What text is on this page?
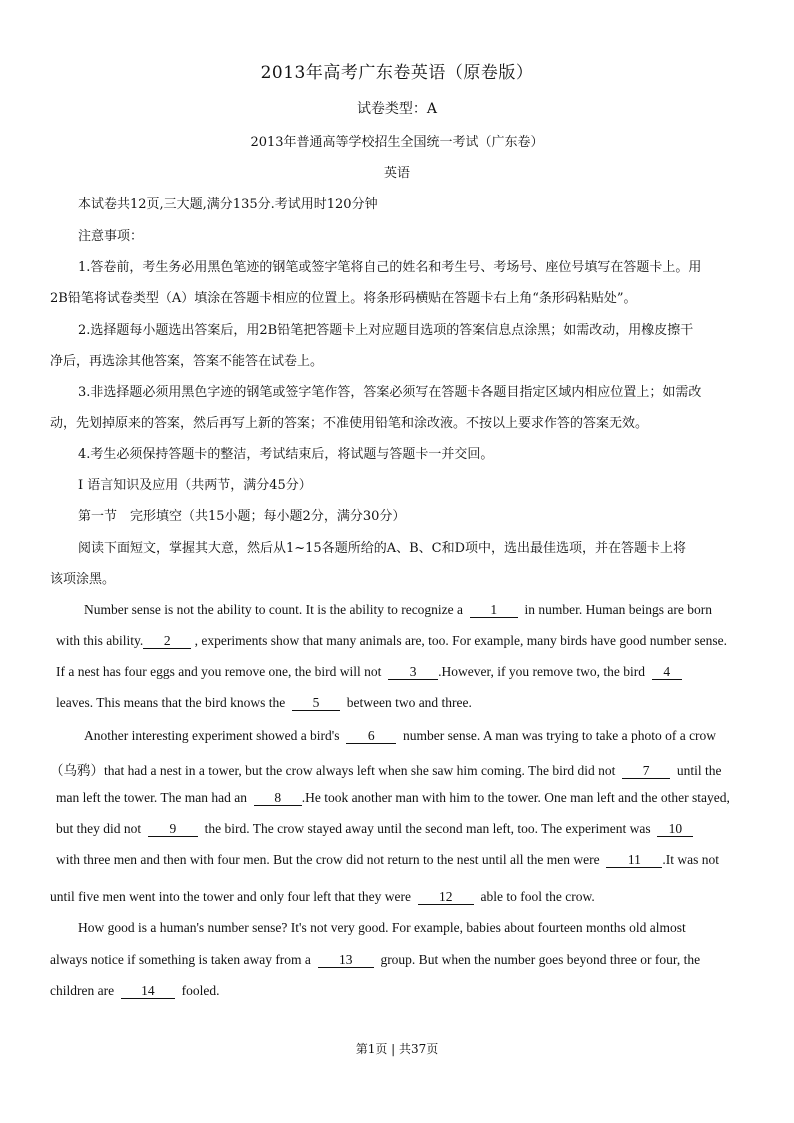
2013年高考广东卷英语（原卷版）
试卷类型：A
2013年普通高等学校招生全国统一考试（广东卷）
英语
本试卷共12页,三大题,满分135分.考试用时120分钟
注意事项：
1.答卷前，考生务必用黑色笔迹的钢笔或签字笔将自己的姓名和考生号、考场号、座位号填写在答题卡上。用
2B铅笔将试卷类型（A）填涂在答题卡相应的位置上。将条形码横贴在答题卡右上角“条形码粘贴处”。
2.选择题每小题选出答案后，用2B铅笔把答题卡上对应题目选项的答案信息点涂黑；如需改动，用橡皮擦干
净后，再选涂其他答案，答案不能答在试卷上。
3.非选择题必须用黑色字迹的钢笔或签字笔作答，答案必须写在答题卡各题目指定区域内相应位置上；如需改
动，先划掉原来的答案，然后再写上新的答案；不准使用铅笔和涂改液。不按以上要求作答的答案无效。
4.考生必须保持答题卡的整洁，考试结束后，将试题与答题卡一并交回。
I 语言知识及应用（共两节，满分45分）
第一节　完形填空（共15小题；每小题2分，满分30分）
阅读下面短文，掌握其大意，然后从1~15各题所给的A、B、C和D项中，选出最佳选项，并在答题卡上将
该项涂黑。
Number sense is not the ability to count. It is the ability to recognize a 1 in number. Human beings are born
with this ability. 2 , experiments show that many animals are, too. For example, many birds have good number sense.
If a nest has four eggs and you remove one, the bird will not 3 .However, if you remove two, the bird 4
leaves. This means that the bird knows the 5 between two and three.
Another interesting experiment showed a bird's 6 number sense. A man was trying to take a photo of a crow
（乌鸦）that had a nest in a tower, but the crow always left when she saw him coming. The bird did not 7 until the
man left the tower. The man had an 8 .He took another man with him to the tower. One man left and the other stayed,
but they did not 9 the bird. The crow stayed away until the second man left, too. The experiment was 10
with three men and then with four men. But the crow did not return to the nest until all the men were 11 .It was not
until five men went into the tower and only four left that they were 12 able to fool the crow.
How good is a human's number sense? It's not very good. For example, babies about fourteen months old almost
always notice if something is taken away from a 13 group. But when the number goes beyond three or four, the
children are 14 fooled.
第1页 | 共37页
